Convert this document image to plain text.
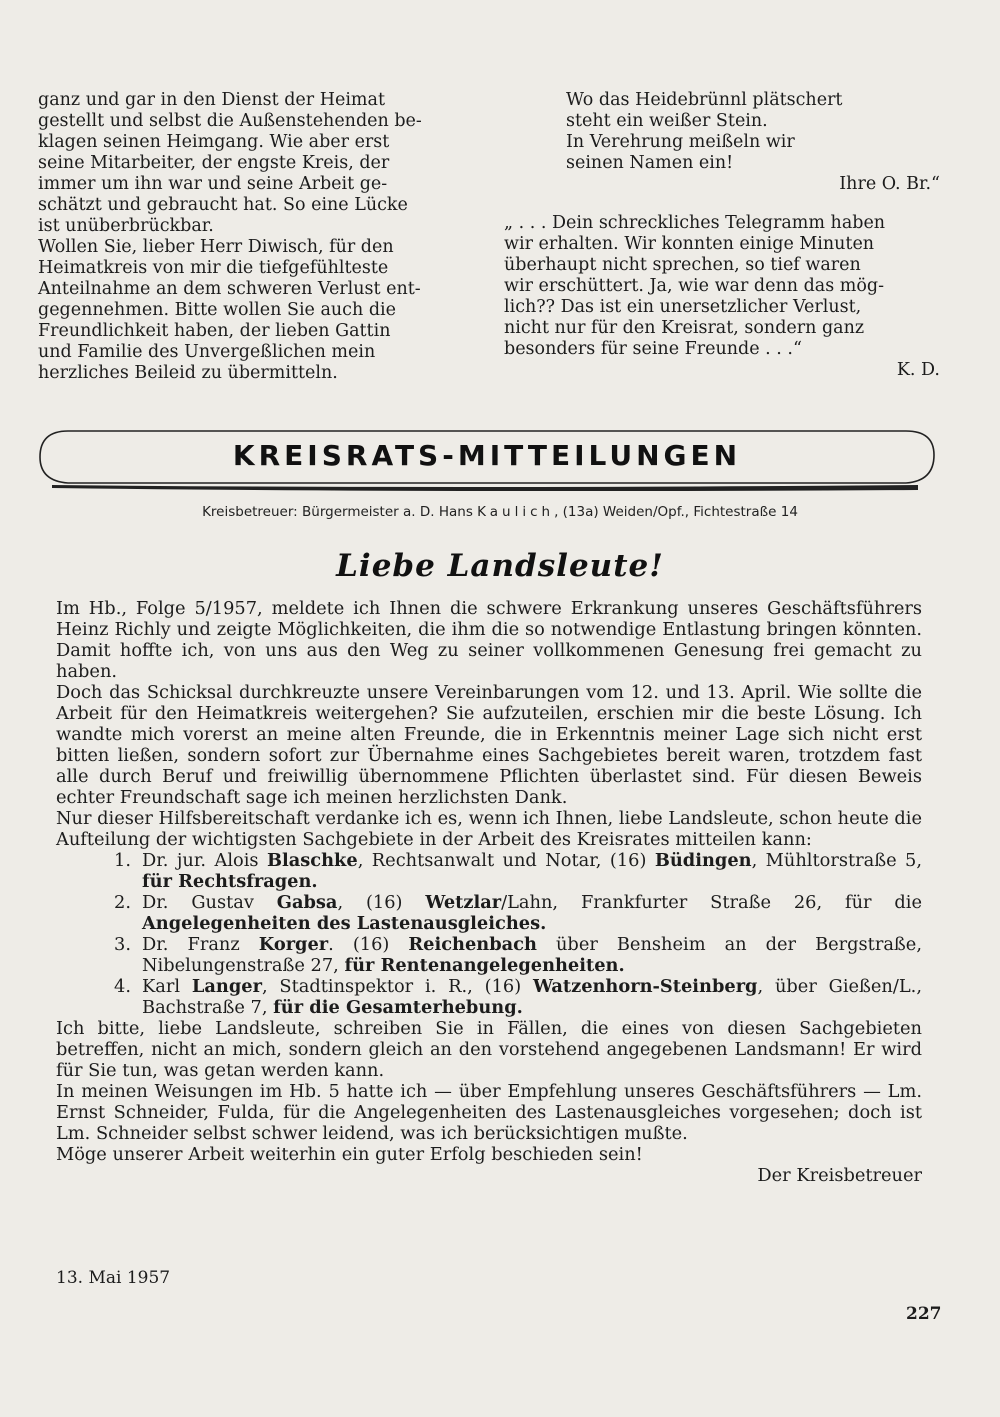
ganz und gar in den Dienst der Heimat
gestellt und selbst die Außenstehenden be-
klagen seinen Heimgang. Wie aber erst
seine Mitarbeiter, der engste Kreis, der
immer um ihn war und seine Arbeit ge-
schätzt und gebraucht hat. So eine Lücke
ist unüberbrückbar.
Wollen Sie, lieber Herr Diwisch, für den
Heimatkreis von mir die tiefgefühlteste
Anteilnahme an dem schweren Verlust ent-
gegennehmen. Bitte wollen Sie auch die
Freundlichkeit haben, der lieben Gattin
und Familie des Unvergeßlichen mein
herzliches Beileid zu übermitteln.
Wo das Heidebrünnl plätschert
steht ein weißer Stein.
In Verehrung meißeln wir
seinen Namen ein!
Ihre O. Br.“
„ . . . Dein schreckliches Telegramm haben
wir erhalten. Wir konnten einige Minuten
überhaupt nicht sprechen, so tief waren
wir erschüttert. Ja, wie war denn das mög-
lich?? Das ist ein unersetzlicher Verlust,
nicht nur für den Kreisrat, sondern ganz
besonders für seine Freunde . . .“
K. D.
KREISRATS-MITTEILUNGEN
Kreisbetreuer: Bürgermeister a. D. Hans Kaulich, (13a) Weiden/Opf., Fichtestraße 14
Liebe Landsleute!

Im Hb., Folge 5/1957, meldete ich Ihnen die schwere Erkrankung unseres Geschäftsführers Heinz Richly und zeigte Möglichkeiten, die ihm die so notwendige Entlastung bringen könnten. Damit hoffte ich, von uns aus den Weg zu seiner vollkommenen Genesung frei gemacht zu haben.

Doch das Schicksal durchkreuzte unsere Vereinbarungen vom 12. und 13. April. Wie sollte die Arbeit für den Heimatkreis weitergehen? Sie aufzuteilen, erschien mir die beste Lösung. Ich wandte mich vorerst an meine alten Freunde, die in Erkenntnis meiner Lage sich nicht erst bitten ließen, sondern sofort zur Übernahme eines Sachgebietes bereit waren, trotzdem fast alle durch Beruf und freiwillig übernommene Pflichten überlastet sind. Für diesen Beweis echter Freundschaft sage ich meinen herzlichsten Dank.

Nur dieser Hilfsbereitschaft verdanke ich es, wenn ich Ihnen, liebe Landsleute, schon heute die Aufteilung der wichtigsten Sachgebiete in der Arbeit des Kreisrates mitteilen kann:

1. Dr. jur. Alois Blaschke, Rechtsanwalt und Notar, (16) Büdingen, Mühltorstraße 5, für Rechtsfragen.
2. Dr. Gustav Gabsa, (16) Wetzlar/Lahn, Frankfurter Straße 26, für die Angelegenheiten des Lastenausgleiches.
3. Dr. Franz Korger. (16) Reichenbach über Bensheim an der Bergstraße, Nibelungenstraße 27, für Rentenangelegenheiten.
4. Karl Langer, Stadtinspektor i. R., (16) Watzenhorn-Steinberg, über Gießen/L., Bachstraße 7, für die Gesamterhebung.

Ich bitte, liebe Landsleute, schreiben Sie in Fällen, die eines von diesen Sachgebieten betreffen, nicht an mich, sondern gleich an den vorstehend angegebenen Landsmann! Er wird für Sie tun, was getan werden kann.

In meinen Weisungen im Hb. 5 hatte ich — über Empfehlung unseres Geschäftsführers — Lm. Ernst Schneider, Fulda, für die Angelegenheiten des Lastenausgleiches vorgesehen; doch ist Lm. Schneider selbst schwer leidend, was ich berücksichtigen mußte.

Möge unserer Arbeit weiterhin ein guter Erfolg beschieden sein!

Der Kreisbetreuer

13. Mai 1957
227
